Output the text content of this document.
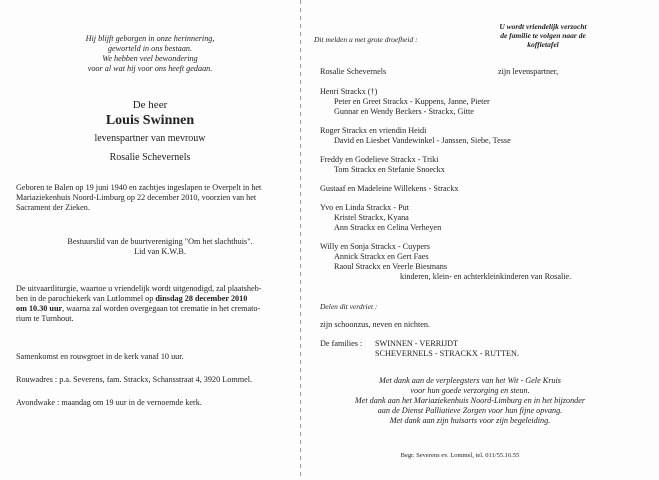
Hij blijft geborgen in onze herinnering,
geworteld in ons bestaan.
We hebben veel bewondering
voor al wat hij voor ons heeft gedaan.
De heer
Louis Swinnen
levenspartner van mevrouw
Rosalie Schevernels
Geboren te Balen op 19 juni 1940 en zachtjes ingeslapen te Overpelt in het
Mariaziekenhuis Noord-Limburg op 22 december 2010, voorzien van het
Sacrament der Zieken.
Bestuurslid van de buurtvereniging "Om het slachthuis".
Lid van K.W.B.
De uitvaartliturgie, waartoe u vriendelijk wordt uitgenodigd, zal plaatsheb-
ben in de parochiekerk van Lutlommel op dinsdag 28 december 2010
om 10.30 uur, waarna zal worden overgegaan tot crematie in het cremato-
rium te Turnhout.
Samenkomst en rouwgroet in de kerk vanaf 10 uur.
Rouwadres : p.a. Severens, fam. Strackx, Schansstraat 4, 3920 Lommel.
Avondwake : maandag om 19 uur in de vernoemde kerk.
Dit melden u met grote droefheid :
U wordt vriendelijk verzocht
de familie te volgen naar de
koffietafel
Rosalie Schevernels	zijn levenspartner,
Henri Strackx (†)
Peter en Greet Strackx - Kuppens, Janne, Pieter
Gunnar en Wendy Beckers - Strackx, Gitte
Roger Strackx en vriendin Heidi
David en Liesbet Vandewinkel - Janssen, Siebe, Tesse
Freddy en Godelieve Strackx - Triki
Tom Strackx en Stefanie Snoeckx
Gustaaf en Madeleine Willekens - Strackx
Yvo en Linda Strackx - Put
Kristel Strackx, Kyana
Ann Strackx en Celina Verheyen
Willy en Sonja Strackx - Cuypers
Annick Strackx en Gert Faes
Raoul Strackx en Veerle Biesmans
kinderen, klein- en achterkleinkinderen van Rosalie.
Delen dit verdriet :
zijn schoonzus, neven en nichten.
De families : SWINNEN - VERRIJDT
SCHEVERNELS - STRACKX - RUTTEN.
Met dank aan de verpleegsters van het Wit - Gele Kruis
voor hun goede verzorging en steun.
Met dank aan het Mariaziekenhuis Noord-Limburg en in het bijzonder
aan de Dienst Palliatieve Zorgen voor hun fijne opvang.
Met dank aan zijn huisarts voor zijn begeleiding.
Begr. Severens ev. Lommel, tel. 011/55.16.55
